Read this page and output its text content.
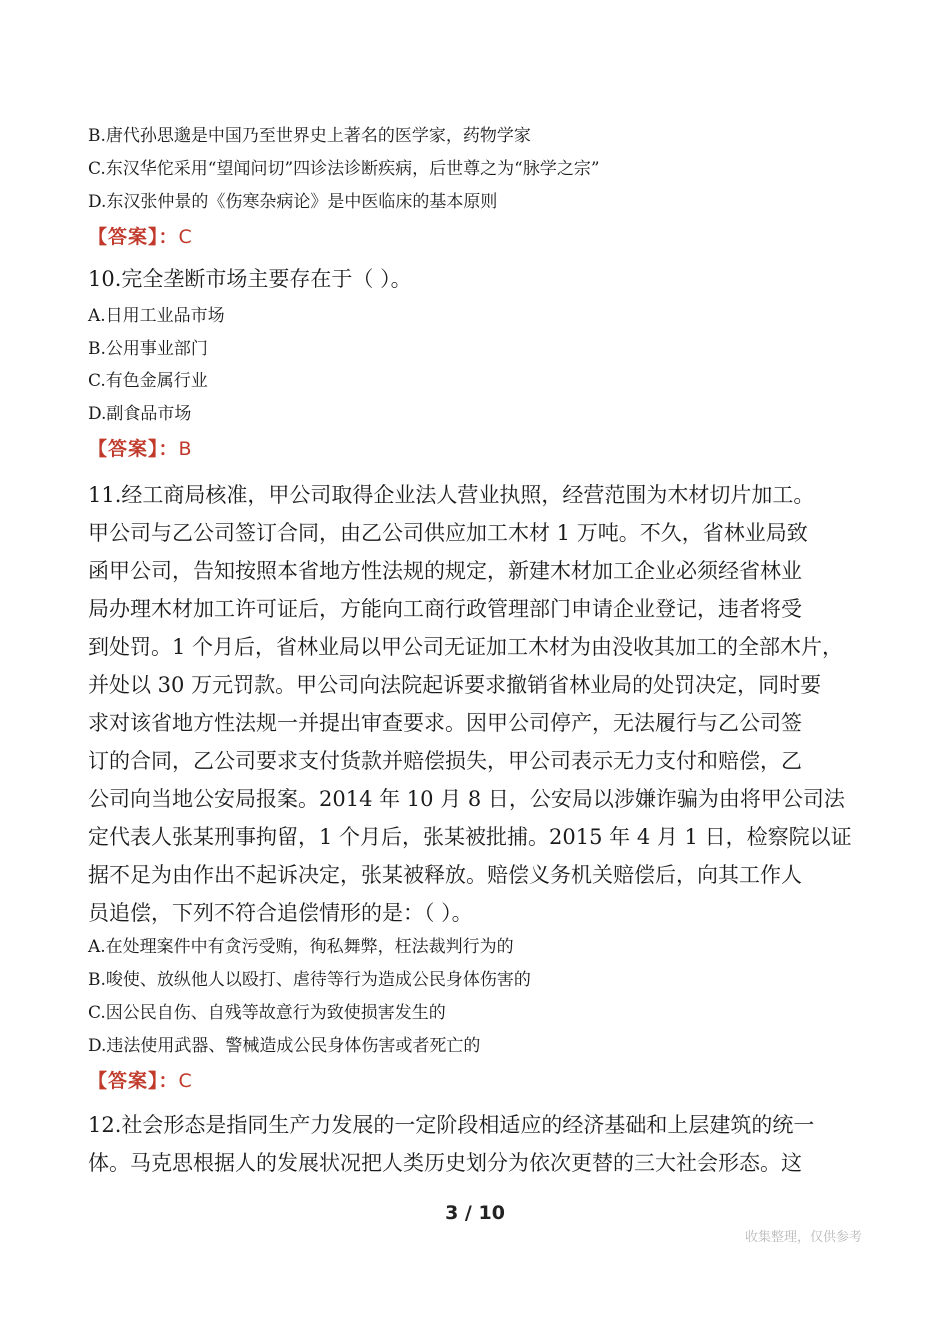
B.唐代孙思邈是中国乃至世界史上著名的医学家，药物学家
C.东汉华佗采用“望闻问切”四诊法诊断疾病，后世尊之为“脉学之宗”
D.东汉张仲景的《伤寒杂病论》是中医临床的基本原则
【答案】：C
10.完全垄断市场主要存在于（ ）。
A.日用工业品市场
B.公用事业部门
C.有色金属行业
D.副食品市场
【答案】：B
11.经工商局核准，甲公司取得企业法人营业执照，经营范围为木材切片加工。
甲公司与乙公司签订合同，由乙公司供应加工木材 1 万吨。不久，省林业局致
函甲公司，告知按照本省地方性法规的规定，新建木材加工企业必须经省林业
局办理木材加工许可证后，方能向工商行政管理部门申请企业登记，违者将受
到处罚。1 个月后，省林业局以甲公司无证加工木材为由没收其加工的全部木片，
并处以 30 万元罚款。甲公司向法院起诉要求撤销省林业局的处罚决定，同时要
求对该省地方性法规一并提出审查要求。因甲公司停产，无法履行与乙公司签
订的合同，乙公司要求支付货款并赔偿损失，甲公司表示无力支付和赔偿，乙
公司向当地公安局报案。2014 年 10 月 8 日，公安局以涉嫌诈骗为由将甲公司法
定代表人张某刑事拘留，1 个月后，张某被批捕。2015 年 4 月 1 日，检察院以证
据不足为由作出不起诉决定，张某被释放。赔偿义务机关赔偿后，向其工作人
员追偿，下列不符合追偿情形的是：（ ）。
A.在处理案件中有贪污受贿，徇私舞弊，枉法裁判行为的
B.唆使、放纵他人以殴打、虐待等行为造成公民身体伤害的
C.因公民自伤、自残等故意行为致使损害发生的
D.违法使用武器、警械造成公民身体伤害或者死亡的
【答案】：C
12.社会形态是指同生产力发展的一定阶段相适应的经济基础和上层建筑的统一
体。马克思根据人的发展状况把人类历史划分为依次更替的三大社会形态。这
3 / 10
收集整理，仅供参考
